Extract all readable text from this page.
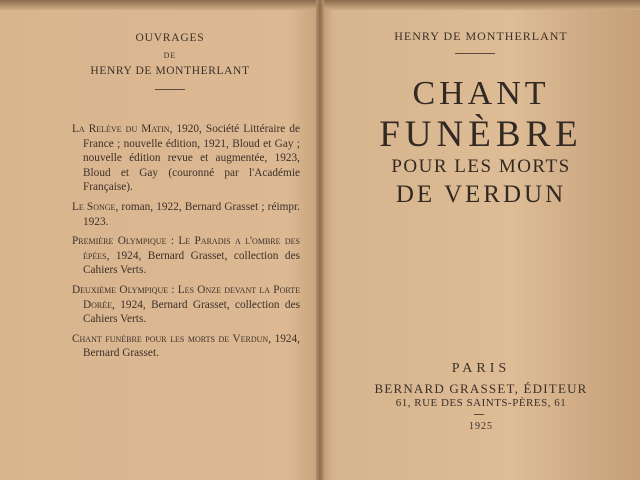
OUVRAGES
DE
HENRY DE MONTHERLANT

La Relève du Matin, 1920, Société Littéraire de France ; nouvelle édition, 1921, Bloud et Gay ; nouvelle édition revue et augmentée, 1923, Bloud et Gay (couronné par l'Académie Française).

Le Songe, roman, 1922, Bernard Grasset ; réimpr. 1923.

Première Olympique : Le Paradis a l'ombre des épées, 1924, Bernard Grasset, collection des Cahiers Verts.

Deuxième Olympique : Les Onze devant la Porte Dorée, 1924, Bernard Grasset, collection des Cahiers Verts.

Chant funèbre pour les morts de Verdun, 1924, Bernard Grasset.

HENRY DE MONTHERLANT
CHANT
FUNÈBRE
POUR LES MORTS
DE VERDUN
PARIS
BERNARD GRASSET, ÉDITEUR
61, RUE DES SAINTS-PÈRES, 61
1925
